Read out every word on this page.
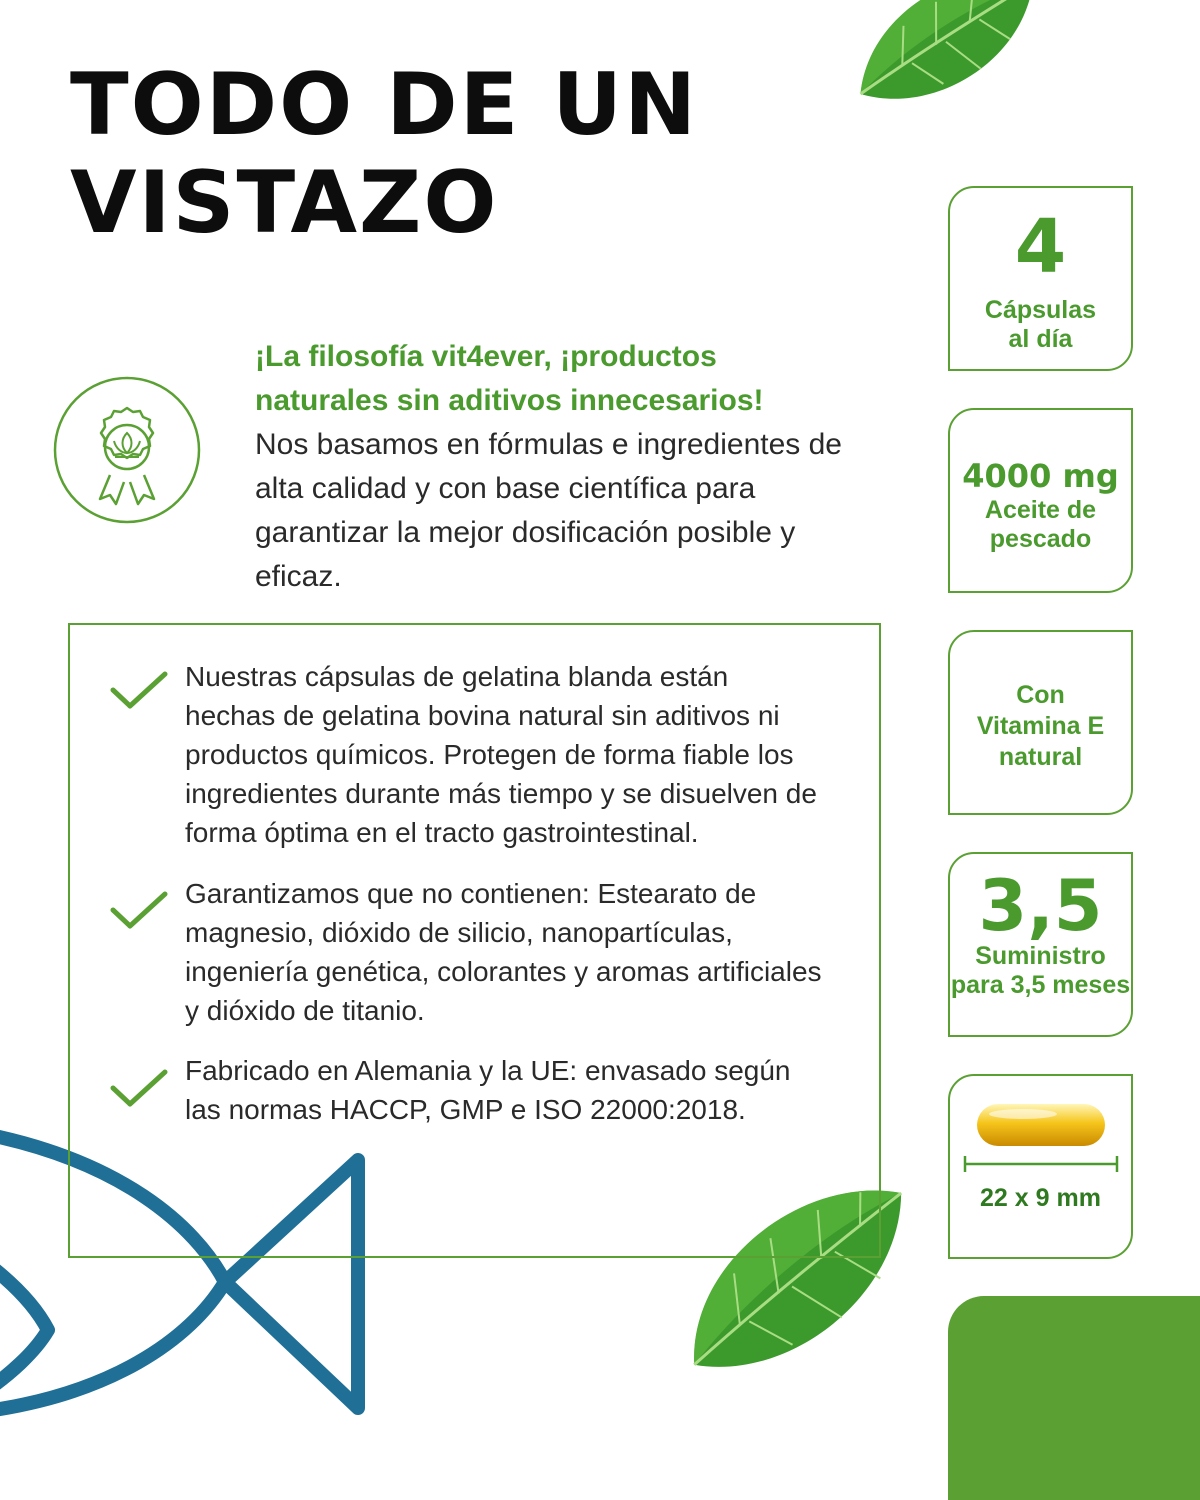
TODO DE UN
VISTAZO

¡La filosofía vit4ever, ¡productos naturales sin aditivos innecesarios!

Nos basamos en fórmulas e ingredientes de alta calidad y con base científica para garantizar la mejor dosificación posible y eficaz.

Nuestras cápsulas de gelatina blanda están hechas de gelatina bovina natural sin aditivos ni productos químicos. Protegen de forma fiable los ingredientes durante más tiempo y se disuelven de forma óptima en el tracto gastrointestinal.

Garantizamos que no contienen: Estearato de magnesio, dióxido de silicio, nanopartículas, ingeniería genética, colorantes y aromas artificiales y dióxido de titanio.

Fabricado en Alemania y la UE: envasado según las normas HACCP, GMP e ISO 22000:2018.

4
Cápsulas
al día
4000 mg
Aceite de
pescado
Con
Vitamina E
natural
3,5
Suministro
para 3,5 meses
22 x 9 mm
